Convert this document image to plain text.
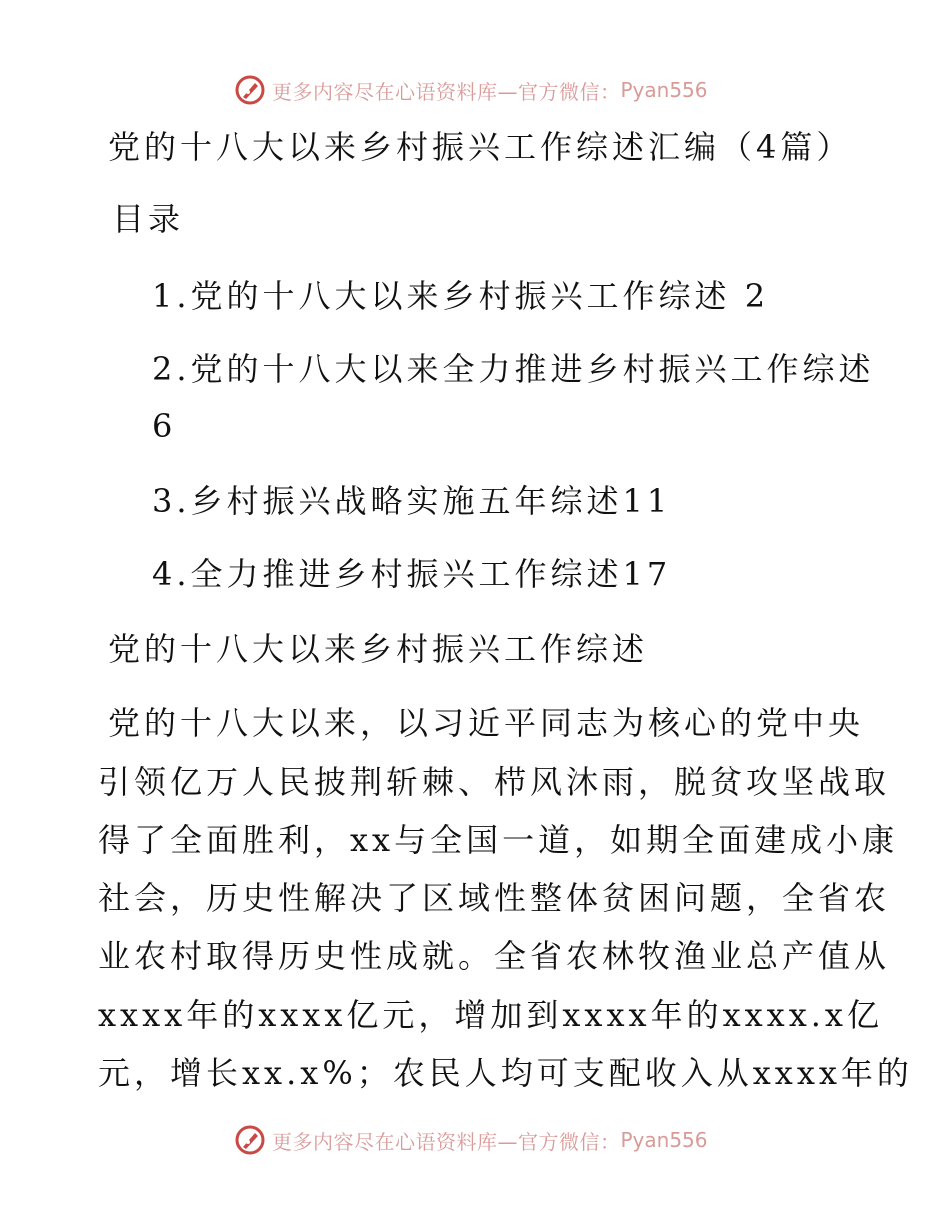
更多内容尽在心语资料库—官方微信： Pyan556
党的十八大以来乡村振兴工作综述汇编（4篇）
目录
1.党的十八大以来乡村振兴工作综述 2
2.党的十八大以来全力推进乡村振兴工作综述
6
3.乡村振兴战略实施五年综述11
4.全力推进乡村振兴工作综述17
党的十八大以来乡村振兴工作综述
党的十八大以来，以习近平同志为核心的党中央
引领亿万人民披荆斩棘、栉风沐雨，脱贫攻坚战取
得了全面胜利，xx与全国一道，如期全面建成小康
社会，历史性解决了区域性整体贫困问题，全省农
业农村取得历史性成就。全省农林牧渔业总产值从
xxxx年的xxxx亿元，增加到xxxx年的xxxx.x亿
元，增长xx.x%；农民人均可支配收入从xxxx年的
更多内容尽在心语资料库—官方微信： Pyan556
